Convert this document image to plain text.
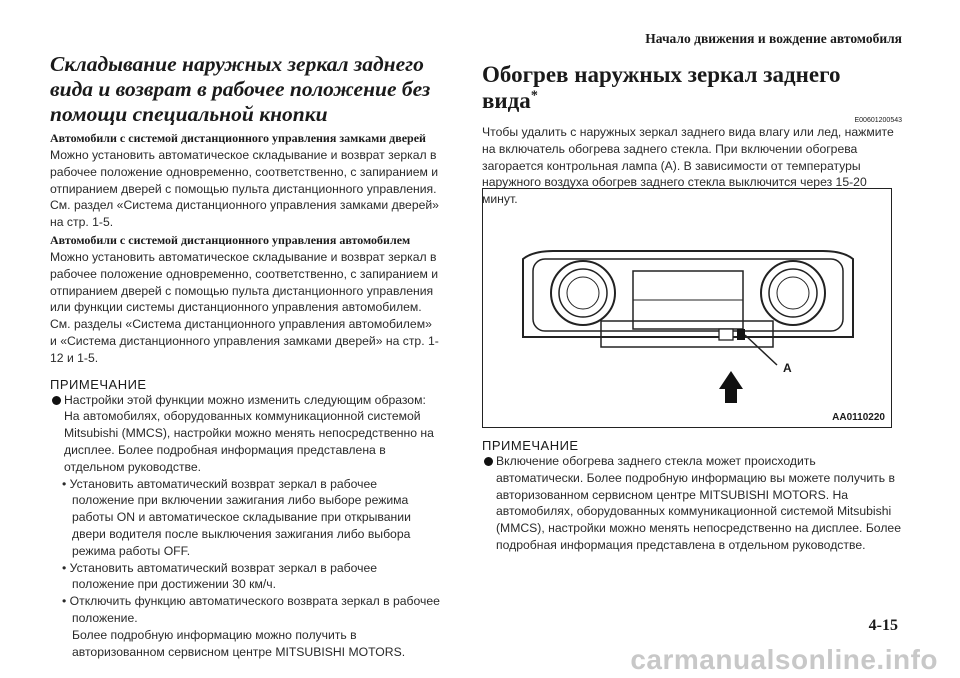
Начало движения и вождение автомобиля
Складывание наружных зеркал заднего вида и возврат в рабочее положение без помощи специальной кнопки
Автомобили с системой дистанционного управления замками дверей

Можно установить автоматическое складывание и возврат зеркал в рабочее положение одновременно, соответственно, с запиранием и отпиранием дверей с помощью пульта дистанционного управления. См. раздел «Система дистанционного управления замками дверей» на стр. 1-5.

Автомобили с системой дистанционного управления автомобилем

Можно установить автоматическое складывание и возврат зеркал в рабочее положение одновременно, соответственно, с запиранием и отпиранием дверей с помощью пульта дистанционного управления или функции системы дистанционного управления автомобилем. См. разделы «Система дистанционного управления автомобилем» и «Система дистанционного управления замками дверей» на стр. 1-12 и 1-5.

ПРИМЕЧАНИЕ
Настройки этой функции можно изменить следующим образом: На автомобилях, оборудованных коммуникационной системой Mitsubishi (MMCS), настройки можно менять непосредственно на дисплее. Более подробная информация представлена в отдельном руководстве.
• Установить автоматический возврат зеркал в рабочее положение при включении зажигания либо выборе режима работы ON и автоматическое складывание при открывании двери водителя после выключения зажигания либо выбора режима работы OFF.
• Установить автоматический возврат зеркал в рабочее положение при достижении 30 км/ч.
• Отключить функцию автоматического возврата зеркал в рабочее положение.

Более подробную информацию можно получить в авторизованном сервисном центре MITSUBISHI MOTORS.

Обогрев наружных зеркал заднего вида*
E00601200543

Чтобы удалить с наружных зеркал заднего вида влагу или лед, нажмите на включатель обогрева заднего стекла. При включении обогрева загорается контрольная лампа (A). В зависимости от температуры наружного воздуха обогрев заднего стекла выключится через 15-20 минут.

A
AA0110220
ПРИМЕЧАНИЕ
Включение обогрева заднего стекла может происходить автоматически. Более подробную информацию вы можете получить в авторизованном сервисном центре MITSUBISHI MOTORS. На автомобилях, оборудованных коммуникационной системой Mitsubishi (MMCS), настройки можно менять непосредственно на дисплее. Более подробная информация представлена в отдельном руководстве.
4-15
carmanualsonline.info
